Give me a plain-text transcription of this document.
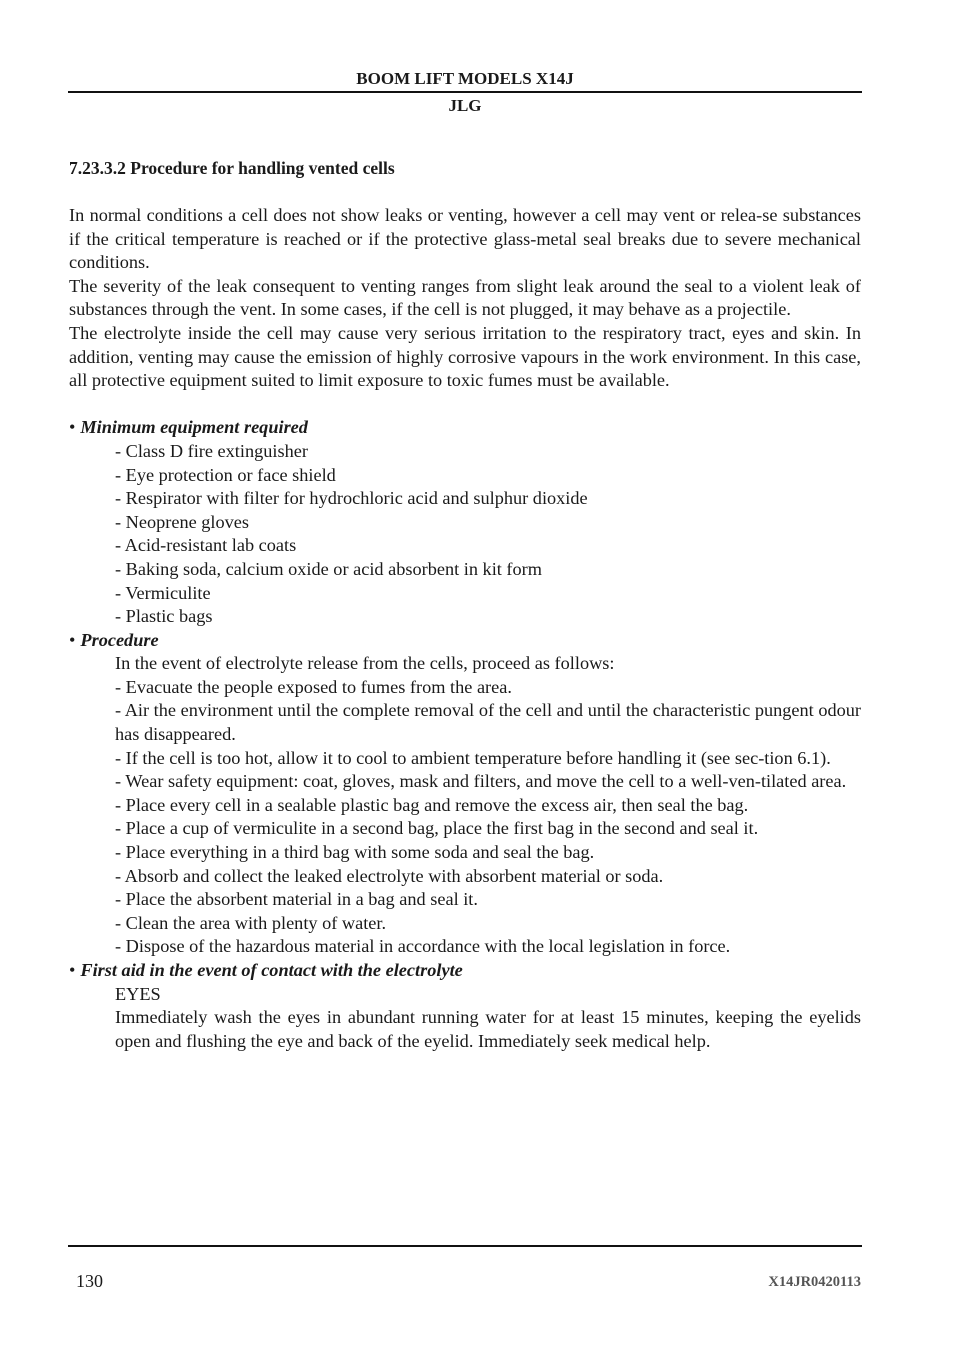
BOOM LIFT MODELS X14J
JLG
7.23.3.2 Procedure for handling vented cells

In normal conditions a cell does not show leaks or venting, however a cell may vent or relea-se substances if the critical temperature is reached or if the protective glass-metal seal breaks due to severe mechanical conditions.

The severity of the leak consequent to venting ranges from slight leak around the seal to a violent leak of substances through the vent. In some cases, if the cell is not plugged, it may behave as a projectile.

The electrolyte inside the cell may cause very serious irritation to the respiratory tract, eyes and skin. In addition, venting may cause the emission of highly corrosive vapours in the work environment. In this case, all protective equipment suited to limit exposure to toxic fumes must be available.

• Minimum equipment required

- Class D fire extinguisher

- Eye protection or face shield

- Respirator with filter for hydrochloric acid and sulphur dioxide

- Neoprene gloves

- Acid-resistant lab coats

- Baking soda, calcium oxide or acid absorbent in kit form

- Vermiculite

- Plastic bags

• Procedure

In the event of electrolyte release from the cells, proceed as follows:

- Evacuate the people exposed to fumes from the area.

- Air the environment until the complete removal of the cell and until the characteristic pungent odour has disappeared.

- If the cell is too hot, allow it to cool to ambient temperature before handling it (see sec-tion 6.1).

- Wear safety equipment: coat, gloves, mask and filters, and move the cell to a well-ven-tilated area.

- Place every cell in a sealable plastic bag and remove the excess air, then seal the bag.

- Place a cup of vermiculite in a second bag, place the first bag in the second and seal it.

- Place everything in a third bag with some soda and seal the bag.

- Absorb and collect the leaked electrolyte with absorbent material or soda.

- Place the absorbent material in a bag and seal it.

- Clean the area with plenty of water.

- Dispose of the hazardous material in accordance with the local legislation in force.

• First aid in the event of contact with the electrolyte

EYES

Immediately wash the eyes in abundant running water for at least 15 minutes, keeping the eyelids open and flushing the eye and back of the eyelid. Immediately seek medical help.

130	X14JR0420113
